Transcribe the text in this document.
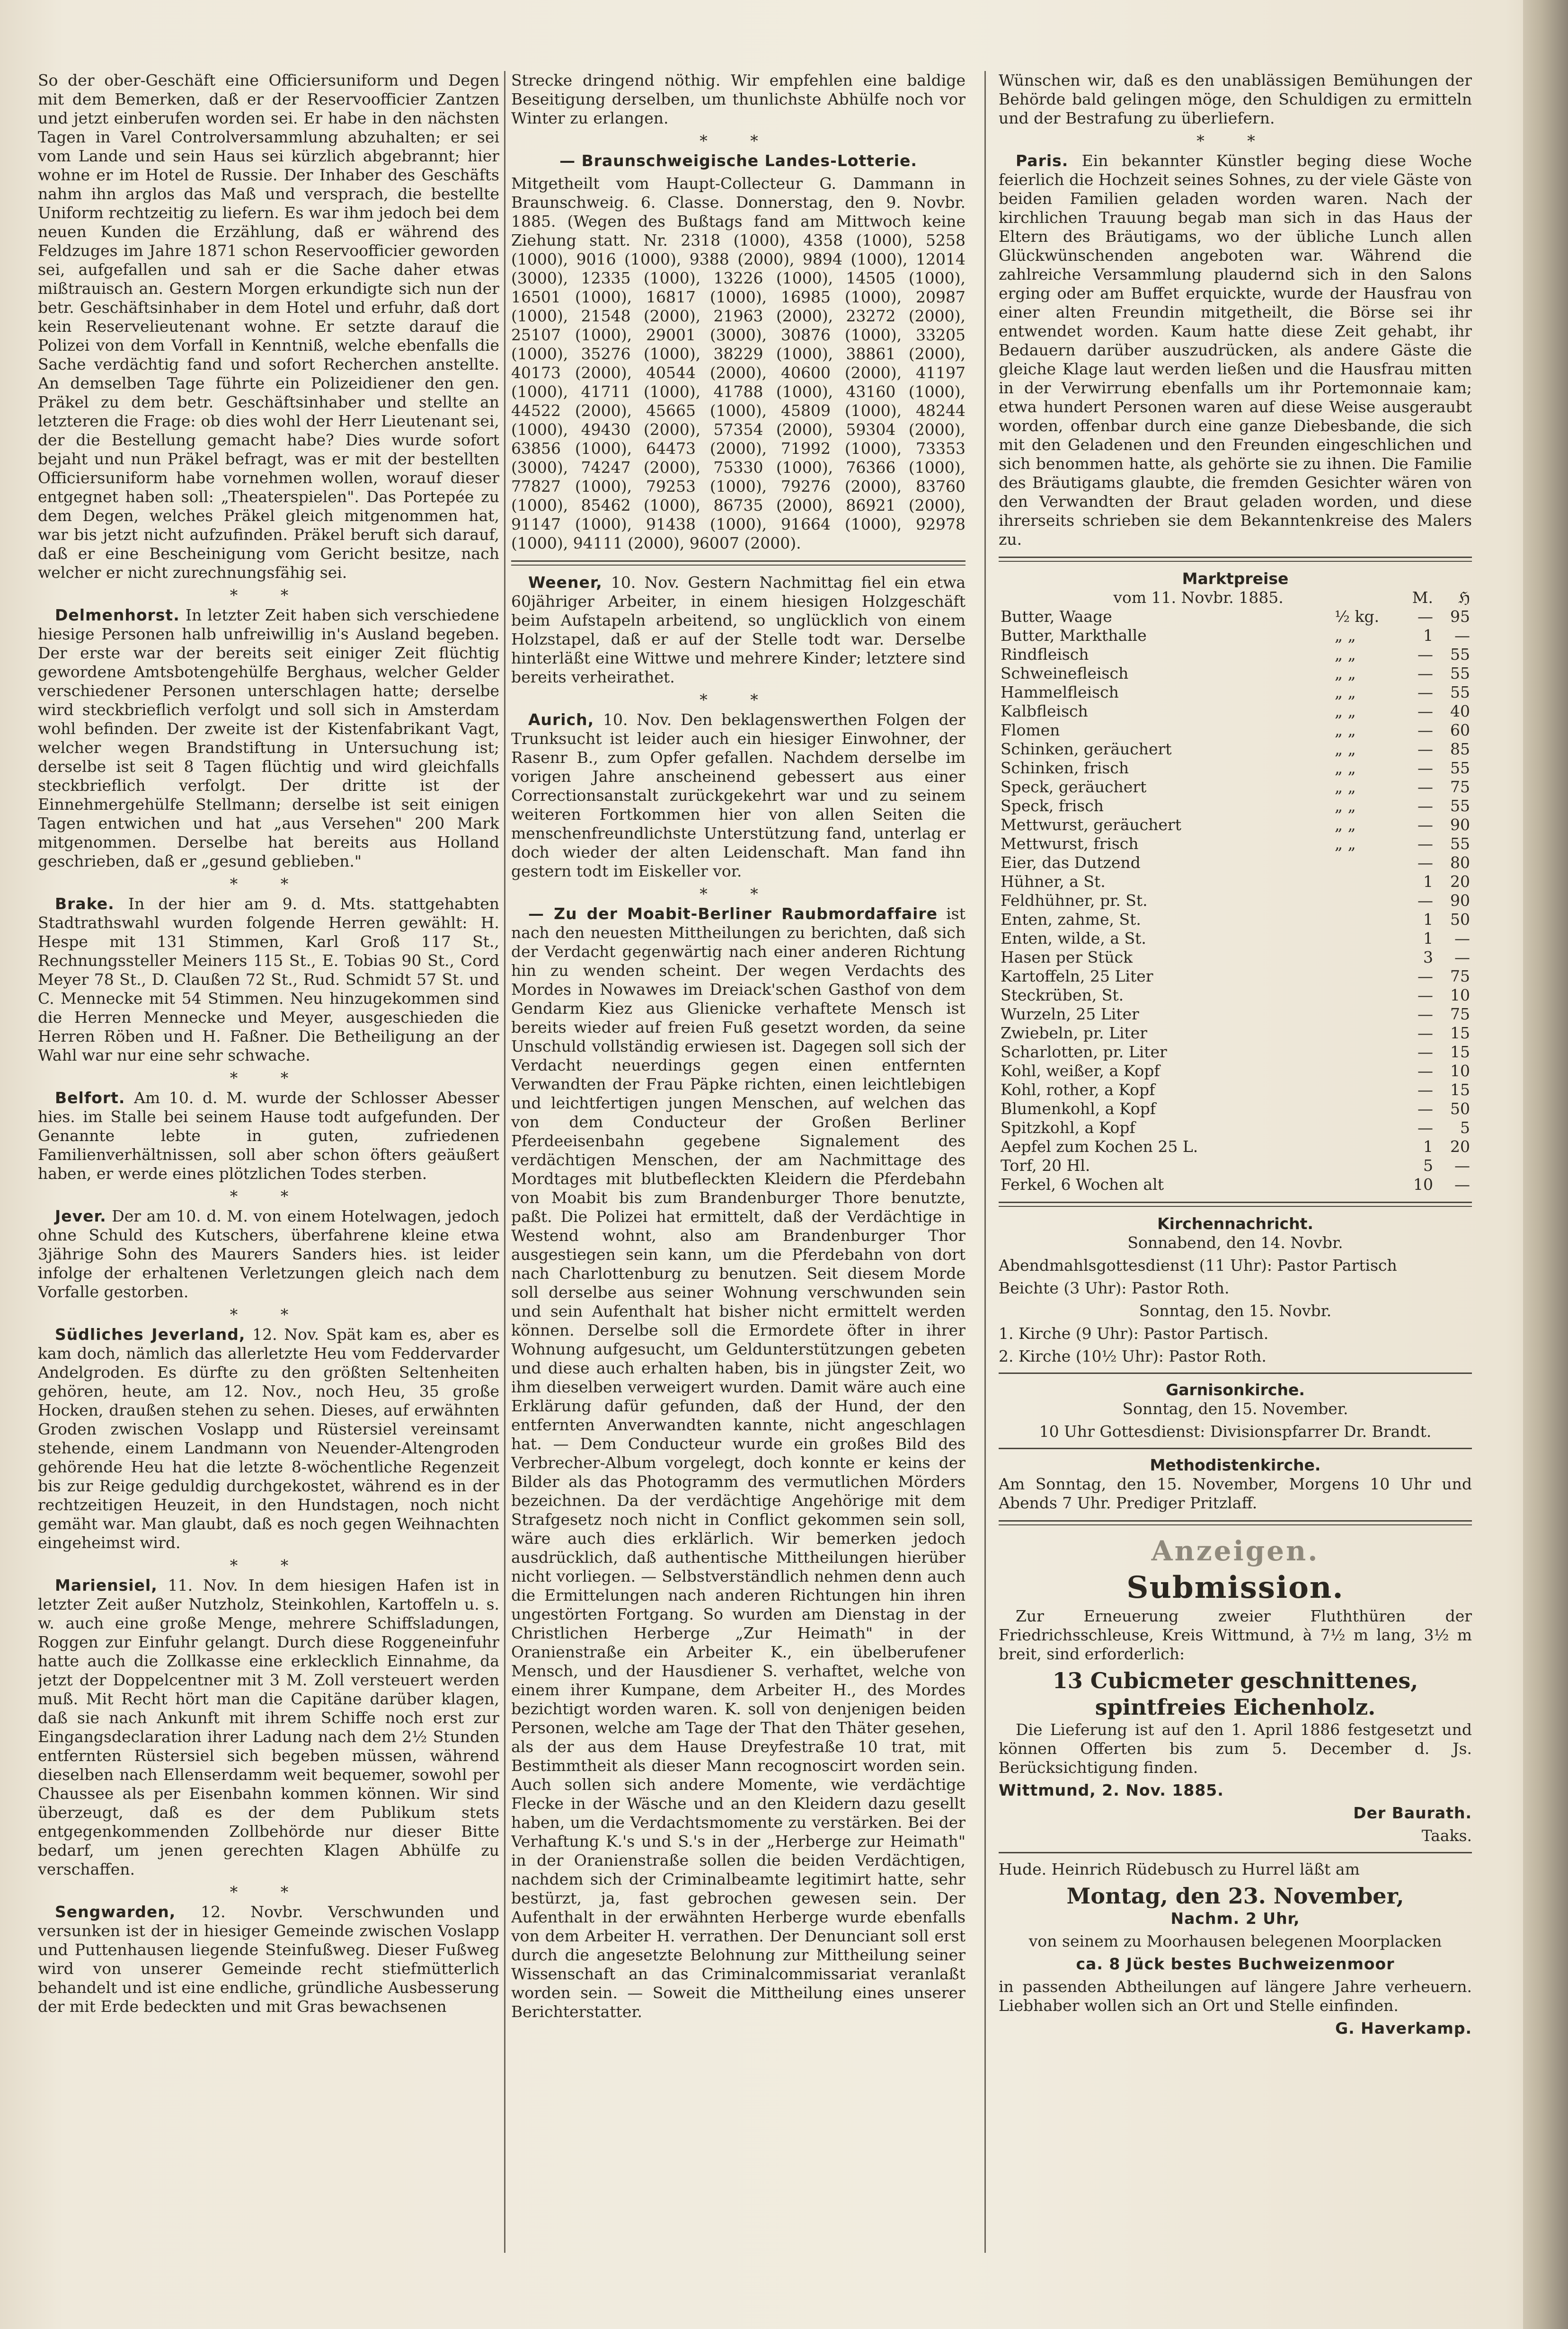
So der ober-Geschäft eine Officiersuniform und Degen mit dem Bemerken, daß er der Reservoofficier Zantzen und jetzt einberufen worden sei. Er habe in den nächsten Tagen in Varel Controlversammlung abzuhalten; er sei vom Lande und sein Haus sei kürzlich abgebrannt; hier wohne er im Hotel de Russie. Der Inhaber des Geschäfts nahm ihn arglos das Maß und versprach, die bestellte Uniform rechtzeitig zu liefern. Es war ihm jedoch bei dem neuen Kunden die Erzählung, daß er während des Feldzuges im Jahre 1871 schon Reservoofficier geworden sei, aufgefallen und sah er die Sache daher etwas mißtrauisch an. Gestern Morgen erkundigte sich nun der betr. Geschäftsinhaber in dem Hotel und erfuhr, daß dort kein Reservelieutenant wohne. Er setzte darauf die Polizei von dem Vorfall in Kenntniß, welche ebenfalls die Sache verdächtig fand und sofort Recherchen anstellte. An demselben Tage führte ein Polizeidiener den gen. Präkel zu dem betr. Geschäftsinhaber und stellte an letzteren die Frage: ob dies wohl der Herr Lieutenant sei, der die Bestellung gemacht habe? Dies wurde sofort bejaht und nun Präkel befragt, was er mit der bestellten Officiersuniform habe vornehmen wollen, worauf dieser entgegnet haben soll: „Theaterspielen". Das Portepée zu dem Degen, welches Präkel gleich mitgenommen hat, war bis jetzt nicht aufzufinden. Präkel beruft sich darauf, daß er eine Bescheinigung vom Gericht besitze, nach welcher er nicht zurechnungsfähig sei.

* *

Delmenhorst. In letzter Zeit haben sich verschiedene hiesige Personen halb unfreiwillig in's Ausland begeben. Der erste war der bereits seit einiger Zeit flüchtig gewordene Amtsbotengehülfe Berghaus, welcher Gelder verschiedener Personen unterschlagen hatte; derselbe wird steckbrieflich verfolgt und soll sich in Amsterdam wohl befinden. Der zweite ist der Kistenfabrikant Vagt, welcher wegen Brandstiftung in Untersuchung ist; derselbe ist seit 8 Tagen flüchtig und wird gleichfalls steckbrieflich verfolgt. Der dritte ist der Einnehmergehülfe Stellmann; derselbe ist seit einigen Tagen entwichen und hat „aus Versehen" 200 Mark mitgenommen. Derselbe hat bereits aus Holland geschrieben, daß er „gesund geblieben."

* *

Brake. In der hier am 9. d. Mts. stattgehabten Stadtrathswahl wurden folgende Herren gewählt: H. Hespe mit 131 Stimmen, Karl Groß 117 St., Rechnungssteller Meiners 115 St., E. Tobias 90 St., Cord Meyer 78 St., D. Claußen 72 St., Rud. Schmidt 57 St. und C. Mennecke mit 54 Stimmen. Neu hinzugekommen sind die Herren Mennecke und Meyer, ausgeschieden die Herren Röben und H. Faßner. Die Betheiligung an der Wahl war nur eine sehr schwache.

* *

Belfort. Am 10. d. M. wurde der Schlosser Abesser hies. im Stalle bei seinem Hause todt aufgefunden. Der Genannte lebte in guten, zufriedenen Familienverhältnissen, soll aber schon öfters geäußert haben, er werde eines plötzlichen Todes sterben.

* *

Jever. Der am 10. d. M. von einem Hotelwagen, jedoch ohne Schuld des Kutschers, überfahrene kleine etwa 3jährige Sohn des Maurers Sanders hies. ist leider infolge der erhaltenen Verletzungen gleich nach dem Vorfalle gestorben.

* *

Südliches Jeverland, 12. Nov. Spät kam es, aber es kam doch, nämlich das allerletzte Heu vom Feddervarder Andelgroden. Es dürfte zu den größten Seltenheiten gehören, heute, am 12. Nov., noch Heu, 35 große Hocken, draußen stehen zu sehen. Dieses, auf erwähnten Groden zwischen Voslapp und Rüstersiel vereinsamt stehende, einem Landmann von Neuender-Altengroden gehörende Heu hat die letzte 8-wöchentliche Regenzeit bis zur Reige geduldig durchgekostet, während es in der rechtzeitigen Heuzeit, in den Hundstagen, noch nicht gemäht war. Man glaubt, daß es noch gegen Weihnachten eingeheimst wird.

* *

Mariensiel, 11. Nov. In dem hiesigen Hafen ist in letzter Zeit außer Nutzholz, Steinkohlen, Kartoffeln u. s. w. auch eine große Menge, mehrere Schiffsladungen, Roggen zur Einfuhr gelangt. Durch diese Roggeneinfuhr hatte auch die Zollkasse eine erklecklich Einnahme, da jetzt der Doppelcentner mit 3 M. Zoll versteuert werden muß. Mit Recht hört man die Capitäne darüber klagen, daß sie nach Ankunft mit ihrem Schiffe noch erst zur Eingangsdeclaration ihrer Ladung nach dem 2½ Stunden entfernten Rüstersiel sich begeben müssen, während dieselben nach Ellenserdamm weit bequemer, sowohl per Chaussee als per Eisenbahn kommen können. Wir sind überzeugt, daß es der dem Publikum stets entgegenkommenden Zollbehörde nur dieser Bitte bedarf, um jenen gerechten Klagen Abhülfe zu verschaffen.

* *

Sengwarden, 12. Novbr. Verschwunden und versunken ist der in hiesiger Gemeinde zwischen Voslapp und Puttenhausen liegende Steinfußweg. Dieser Fußweg wird von unserer Gemeinde recht stiefmütterlich behandelt und ist eine endliche, gründliche Ausbesserung der mit Erde bedeckten und mit Gras bewachsenen

Strecke dringend nöthig. Wir empfehlen eine baldige Beseitigung derselben, um thunlichste Abhülfe noch vor Winter zu erlangen.

* *

— Braunschweigische Landes-Lotterie.

Mitgetheilt vom Haupt-Collecteur G. Dammann in Braunschweig. 6. Classe. Donnerstag, den 9. Novbr. 1885. (Wegen des Bußtags fand am Mittwoch keine Ziehung statt. Nr. 2318 (1000), 4358 (1000), 5258 (1000), 9016 (1000), 9388 (2000), 9894 (1000), 12014 (3000), 12335 (1000), 13226 (1000), 14505 (1000), 16501 (1000), 16817 (1000), 16985 (1000), 20987 (1000), 21548 (2000), 21963 (2000), 23272 (2000), 25107 (1000), 29001 (3000), 30876 (1000), 33205 (1000), 35276 (1000), 38229 (1000), 38861 (2000), 40173 (2000), 40544 (2000), 40600 (2000), 41197 (1000), 41711 (1000), 41788 (1000), 43160 (1000), 44522 (2000), 45665 (1000), 45809 (1000), 48244 (1000), 49430 (2000), 57354 (2000), 59304 (2000), 63856 (1000), 64473 (2000), 71992 (1000), 73353 (3000), 74247 (2000), 75330 (1000), 76366 (1000), 77827 (1000), 79253 (1000), 79276 (2000), 83760 (1000), 85462 (1000), 86735 (2000), 86921 (2000), 91147 (1000), 91438 (1000), 91664 (1000), 92978 (1000), 94111 (2000), 96007 (2000).

Weener, 10. Nov. Gestern Nachmittag fiel ein etwa 60jähriger Arbeiter, in einem hiesigen Holzgeschäft beim Aufstapeln arbeitend, so unglücklich von einem Holzstapel, daß er auf der Stelle todt war. Derselbe hinterläßt eine Wittwe und mehrere Kinder; letztere sind bereits verheirathet.

* *

Aurich, 10. Nov. Den beklagenswerthen Folgen der Trunksucht ist leider auch ein hiesiger Einwohner, der Rasenr B., zum Opfer gefallen. Nachdem derselbe im vorigen Jahre anscheinend gebessert aus einer Correctionsanstalt zurückgekehrt war und zu seinem weiteren Fortkommen hier von allen Seiten die menschenfreundlichste Unterstützung fand, unterlag er doch wieder der alten Leidenschaft. Man fand ihn gestern todt im Eiskeller vor.

* *

— Zu der Moabit-Berliner Raubmordaffaire ist nach den neuesten Mittheilungen zu berichten, daß sich der Verdacht gegenwärtig nach einer anderen Richtung hin zu wenden scheint. Der wegen Verdachts des Mordes in Nowawes im Dreiack'schen Gasthof von dem Gendarm Kiez aus Glienicke verhaftete Mensch ist bereits wieder auf freien Fuß gesetzt worden, da seine Unschuld vollständig erwiesen ist. Dagegen soll sich der Verdacht neuerdings gegen einen entfernten Verwandten der Frau Päpke richten, einen leichtlebigen und leichtfertigen jungen Menschen, auf welchen das von dem Conducteur der Großen Berliner Pferdeeisenbahn gegebene Signalement des verdächtigen Menschen, der am Nachmittage des Mordtages mit blutbefleckten Kleidern die Pferdebahn von Moabit bis zum Brandenburger Thore benutzte, paßt. Die Polizei hat ermittelt, daß der Verdächtige in Westend wohnt, also am Brandenburger Thor ausgestiegen sein kann, um die Pferdebahn von dort nach Charlottenburg zu benutzen. Seit diesem Morde soll derselbe aus seiner Wohnung verschwunden sein und sein Aufenthalt hat bisher nicht ermittelt werden können. Derselbe soll die Ermordete öfter in ihrer Wohnung aufgesucht, um Geldunterstützungen gebeten und diese auch erhalten haben, bis in jüngster Zeit, wo ihm dieselben verweigert wurden. Damit wäre auch eine Erklärung dafür gefunden, daß der Hund, der den entfernten Anverwandten kannte, nicht angeschlagen hat. — Dem Conducteur wurde ein großes Bild des Verbrecher-Album vorgelegt, doch konnte er keins der Bilder als das Photogramm des vermutlichen Mörders bezeichnen. Da der verdächtige Angehörige mit dem Strafgesetz noch nicht in Conflict gekommen sein soll, wäre auch dies erklärlich. Wir bemerken jedoch ausdrücklich, daß authentische Mittheilungen hierüber nicht vorliegen. — Selbstverständlich nehmen denn auch die Ermittelungen nach anderen Richtungen hin ihren ungestörten Fortgang. So wurden am Dienstag in der Christlichen Herberge „Zur Heimath" in der Oranienstraße ein Arbeiter K., ein übelberufener Mensch, und der Hausdiener S. verhaftet, welche von einem ihrer Kumpane, dem Arbeiter H., des Mordes bezichtigt worden waren. K. soll von denjenigen beiden Personen, welche am Tage der That den Thäter gesehen, als der aus dem Hause Dreyfestraße 10 trat, mit Bestimmtheit als dieser Mann recognoscirt worden sein. Auch sollen sich andere Momente, wie verdächtige Flecke in der Wäsche und an den Kleidern dazu gesellt haben, um die Verdachtsmomente zu verstärken. Bei der Verhaftung K.'s und S.'s in der „Herberge zur Heimath" in der Oranienstraße sollen die beiden Verdächtigen, nachdem sich der Criminalbeamte legitimirt hatte, sehr bestürzt, ja, fast gebrochen gewesen sein. Der Aufenthalt in der erwähnten Herberge wurde ebenfalls von dem Arbeiter H. verrathen. Der Denunciant soll erst durch die angesetzte Belohnung zur Mittheilung seiner Wissenschaft an das Criminalcommissariat veranlaßt worden sein. — Soweit die Mittheilung eines unserer Berichterstatter.

Wünschen wir, daß es den unablässigen Bemühungen der Behörde bald gelingen möge, den Schuldigen zu ermitteln und der Bestrafung zu überliefern.

* *

Paris. Ein bekannter Künstler beging diese Woche feierlich die Hochzeit seines Sohnes, zu der viele Gäste von beiden Familien geladen worden waren. Nach der kirchlichen Trauung begab man sich in das Haus der Eltern des Bräutigams, wo der übliche Lunch allen Glückwünschenden angeboten war. Während die zahlreiche Versammlung plaudernd sich in den Salons erging oder am Buffet erquickte, wurde der Hausfrau von einer alten Freundin mitgetheilt, die Börse sei ihr entwendet worden. Kaum hatte diese Zeit gehabt, ihr Bedauern darüber auszudrücken, als andere Gäste die gleiche Klage laut werden ließen und die Hausfrau mitten in der Verwirrung ebenfalls um ihr Portemonnaie kam; etwa hundert Personen waren auf diese Weise ausgeraubt worden, offenbar durch eine ganze Diebesbande, die sich mit den Geladenen und den Freunden eingeschlichen und sich benommen hatte, als gehörte sie zu ihnen. Die Familie des Bräutigams glaubte, die fremden Gesichter wären von den Verwandten der Braut geladen worden, und diese ihrerseits schrieben sie dem Bekanntenkreise des Malers zu.

Marktpreise
vom 11. Novbr. 1885.		M.	ℌ
Butter, Waage	½ kg.	—	95
Butter, Markthalle	„ „	1	—
Rindfleisch	„ „	—	55
Schweinefleisch	„ „	—	55
Hammelfleisch	„ „	—	55
Kalbfleisch	„ „	—	40
Flomen	„ „	—	60
Schinken, geräuchert	„ „	—	85
Schinken, frisch	„ „	—	55
Speck, geräuchert	„ „	—	75
Speck, frisch	„ „	—	55
Mettwurst, geräuchert	„ „	—	90
Mettwurst, frisch	„ „	—	55
Eier, das Dutzend		—	80
Hühner, a St.		1	20
Feldhühner, pr. St.		—	90
Enten, zahme, St.		1	50
Enten, wilde, a St.		1	—
Hasen per Stück		3	—
Kartoffeln, 25 Liter		—	75
Steckrüben, St.		—	10
Wurzeln, 25 Liter		—	75
Zwiebeln, pr. Liter		—	15
Scharlotten, pr. Liter		—	15
Kohl, weißer, a Kopf		—	10
Kohl, rother, a Kopf		—	15
Blumenkohl, a Kopf		—	50
Spitzkohl, a Kopf		—	5
Aepfel zum Kochen 25 L.		1	20
Torf, 20 Hl.		5	—
Ferkel, 6 Wochen alt		10	—
Kirchennachricht.

Sonnabend, den 14. Novbr.

Abendmahlsgottesdienst (11 Uhr): Pastor Partisch

Beichte (3 Uhr): Pastor Roth.

Sonntag, den 15. Novbr.

1. Kirche (9 Uhr): Pastor Partisch.

2. Kirche (10½ Uhr): Pastor Roth.

Garnisonkirche.

Sonntag, den 15. November.

10 Uhr Gottesdienst: Divisionspfarrer Dr. Brandt.

Methodistenkirche.

Am Sonntag, den 15. November, Morgens 10 Uhr und Abends 7 Uhr. Prediger Pritzlaff.

Anzeigen.
Submission.

Zur Erneuerung zweier Fluththüren der Friedrichsschleuse, Kreis Wittmund, à 7½ m lang, 3½ m breit, sind erforderlich:

13 Cubicmeter geschnittenes, spintfreies Eichenholz.

Die Lieferung ist auf den 1. April 1886 festgesetzt und können Offerten bis zum 5. December d. Js. Berücksichtigung finden.

Wittmund, 2. Nov. 1885.

Der Baurath.

Taaks.

Hude. Heinrich Rüdebusch zu Hurrel läßt am

Montag, den 23. November,

Nachm. 2 Uhr,

von seinem zu Moorhausen belegenen Moorplacken

ca. 8 Jück bestes Buchweizenmoor

in passenden Abtheilungen auf längere Jahre verheuern. Liebhaber wollen sich an Ort und Stelle einfinden.

G. Haverkamp.
